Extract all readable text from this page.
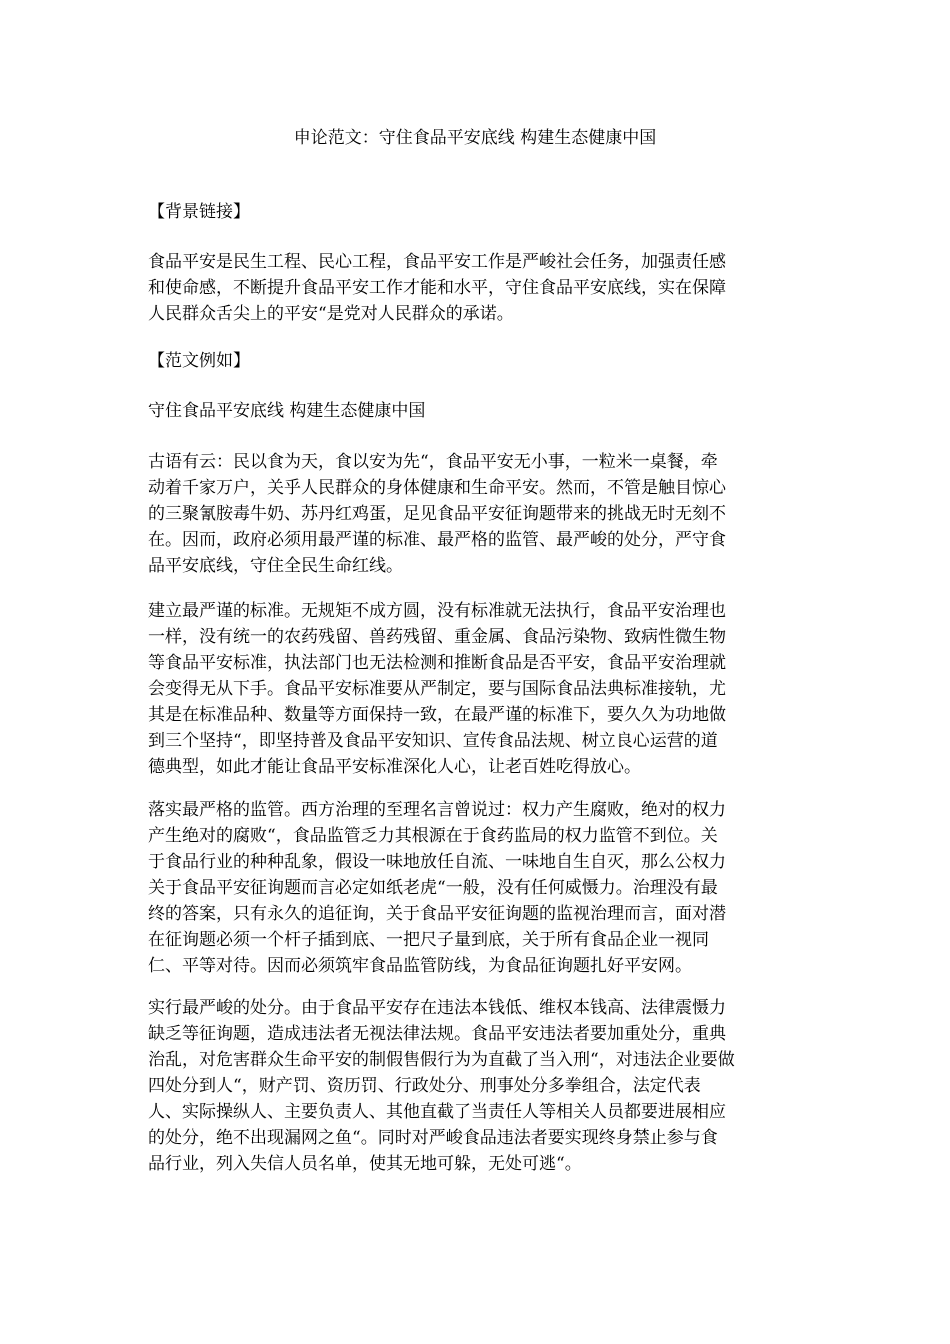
申论范文：守住食品平安底线 构建生态健康中国

【背景链接】

食品平安是民生工程、民心工程，食品平安工作是严峻社会任务，加强责任感
和使命感，不断提升食品平安工作才能和水平，守住食品平安底线，实在保障
人民群众舌尖上的平安“是党对人民群众的承诺。

【范文例如】

守住食品平安底线 构建生态健康中国

古语有云：民以食为天，食以安为先“，食品平安无小事，一粒米一桌餐，牵
动着千家万户，关乎人民群众的身体健康和生命平安。然而，不管是触目惊心
的三聚氰胺毒牛奶、苏丹红鸡蛋，足见食品平安征询题带来的挑战无时无刻不
在。因而，政府必须用最严谨的标准、最严格的监管、最严峻的处分，严守食
品平安底线，守住全民生命红线。

建立最严谨的标准。无规矩不成方圆，没有标准就无法执行，食品平安治理也
一样，没有统一的农药残留、兽药残留、重金属、食品污染物、致病性微生物
等食品平安标准，执法部门也无法检测和推断食品是否平安，食品平安治理就
会变得无从下手。食品平安标准要从严制定，要与国际食品法典标准接轨，尤
其是在标准品种、数量等方面保持一致，在最严谨的标准下，要久久为功地做
到三个坚持“，即坚持普及食品平安知识、宣传食品法规、树立良心运营的道
德典型，如此才能让食品平安标准深化人心，让老百姓吃得放心。

落实最严格的监管。西方治理的至理名言曾说过：权力产生腐败，绝对的权力
产生绝对的腐败“，食品监管乏力其根源在于食药监局的权力监管不到位。关
于食品行业的种种乱象，假设一味地放任自流、一味地自生自灭，那么公权力
关于食品平安征询题而言必定如纸老虎“一般，没有任何威慑力。治理没有最
终的答案，只有永久的追征询，关于食品平安征询题的监视治理而言，面对潜
在征询题必须一个杆子插到底、一把尺子量到底，关于所有食品企业一视同
仁、平等对待。因而必须筑牢食品监管防线，为食品征询题扎好平安网。

实行最严峻的处分。由于食品平安存在违法本钱低、维权本钱高、法律震慑力
缺乏等征询题，造成违法者无视法律法规。食品平安违法者要加重处分，重典
治乱，对危害群众生命平安的制假售假行为为直截了当入刑“，对违法企业要做
四处分到人“，财产罚、资历罚、行政处分、刑事处分多拳组合，法定代表
人、实际操纵人、主要负责人、其他直截了当责任人等相关人员都要进展相应
的处分，绝不出现漏网之鱼“。同时对严峻食品违法者要实现终身禁止参与食
品行业，列入失信人员名单，使其无地可躲，无处可逃“。
